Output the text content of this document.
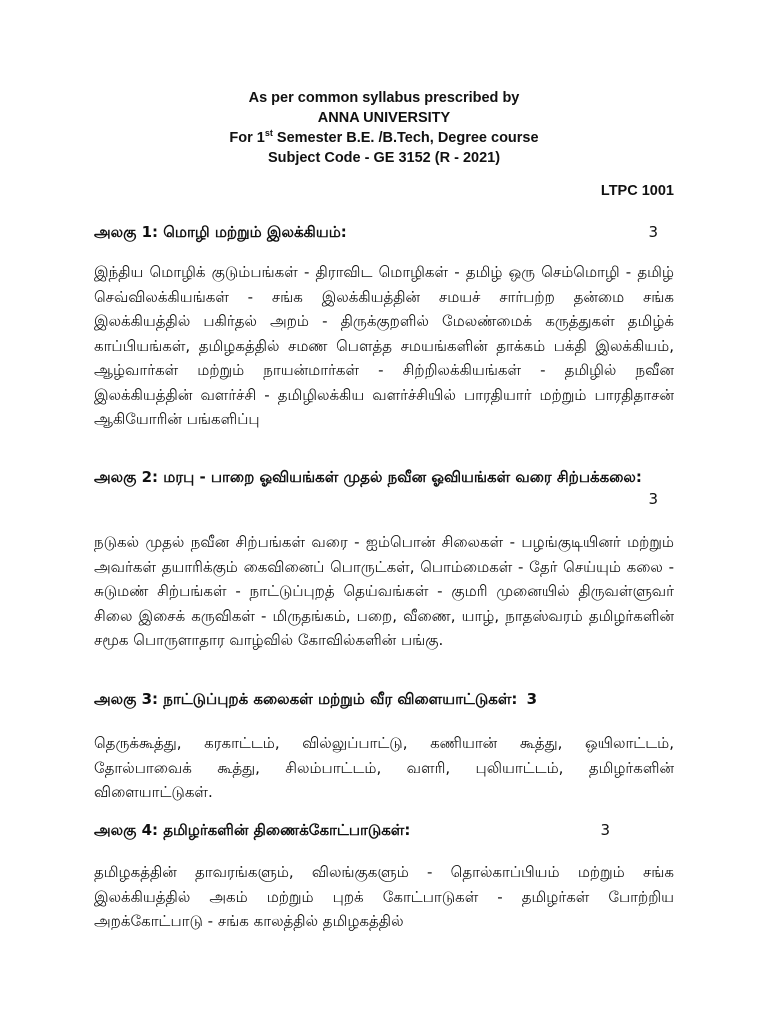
As per common syllabus prescribed by
ANNA UNIVERSITY
For 1st Semester B.E. /B.Tech, Degree course
Subject Code - GE 3152 (R - 2021)
LTPC 1001
அலகு 1: மொழி மற்றும் இலக்கியம்:	3
இந்திய மொழிக் குடும்பங்கள் - திராவிட மொழிகள் - தமிழ் ஒரு செம்மொழி - தமிழ் செவ்விலக்கியங்கள் - சங்க இலக்கியத்தின் சமயச் சார்பற்ற தன்மை சங்க இலக்கியத்தில் பகிர்தல் அறம் - திருக்குறளில் மேலண்மைக் கருத்துகள் தமிழ்க் காப்பியங்கள், தமிழகத்தில் சமண பௌத்த சமயங்களின் தாக்கம் பக்தி இலக்கியம், ஆழ்வார்கள் மற்றும் நாயன்மார்கள் - சிற்றிலக்கியங்கள் - தமிழில் நவீன இலக்கியத்தின் வளர்ச்சி - தமிழிலக்கிய வளர்ச்சியில் பாரதியார் மற்றும் பாரதிதாசன் ஆகியோரின் பங்களிப்பு
அலகு 2: மரபு - பாறை ஓவியங்கள் முதல் நவீன ஓவியங்கள் வரை சிற்பக்கலை:
3
நடுகல் முதல் நவீன சிற்பங்கள் வரை - ஐம்பொன் சிலைகள் - பழங்குடியினர் மற்றும் அவர்கள் தயாரிக்கும் கைவினைப் பொருட்கள், பொம்மைகள் - தேர் செய்யும் கலை - சுடுமண் சிற்பங்கள் - நாட்டுப்புறத் தெய்வங்கள் - குமரி முனையில் திருவள்ளுவர் சிலை இசைக் கருவிகள் - மிருதங்கம், பறை, வீணை, யாழ், நாதஸ்வரம் தமிழர்களின் சமூக பொருளாதார வாழ்வில் கோவில்களின் பங்கு.
அலகு 3: நாட்டுப்புறக் கலைகள் மற்றும் வீர விளையாட்டுகள்: 3
தெருக்கூத்து, கரகாட்டம், வில்லுப்பாட்டு, கணியான் கூத்து, ஒயிலாட்டம், தோல்பாவைக் கூத்து, சிலம்பாட்டம், வளரி, புலியாட்டம், தமிழர்களின் விளையாட்டுகள்.
அலகு 4: தமிழர்களின் திணைக்கோட்பாடுகள்:	3
தமிழகத்தின் தாவரங்களும், விலங்குகளும் - தொல்காப்பியம் மற்றும் சங்க இலக்கியத்தில் அகம் மற்றும் புறக் கோட்பாடுகள் - தமிழர்கள் போற்றிய அறக்கோட்பாடு - சங்க காலத்தில் தமிழகத்தில்
